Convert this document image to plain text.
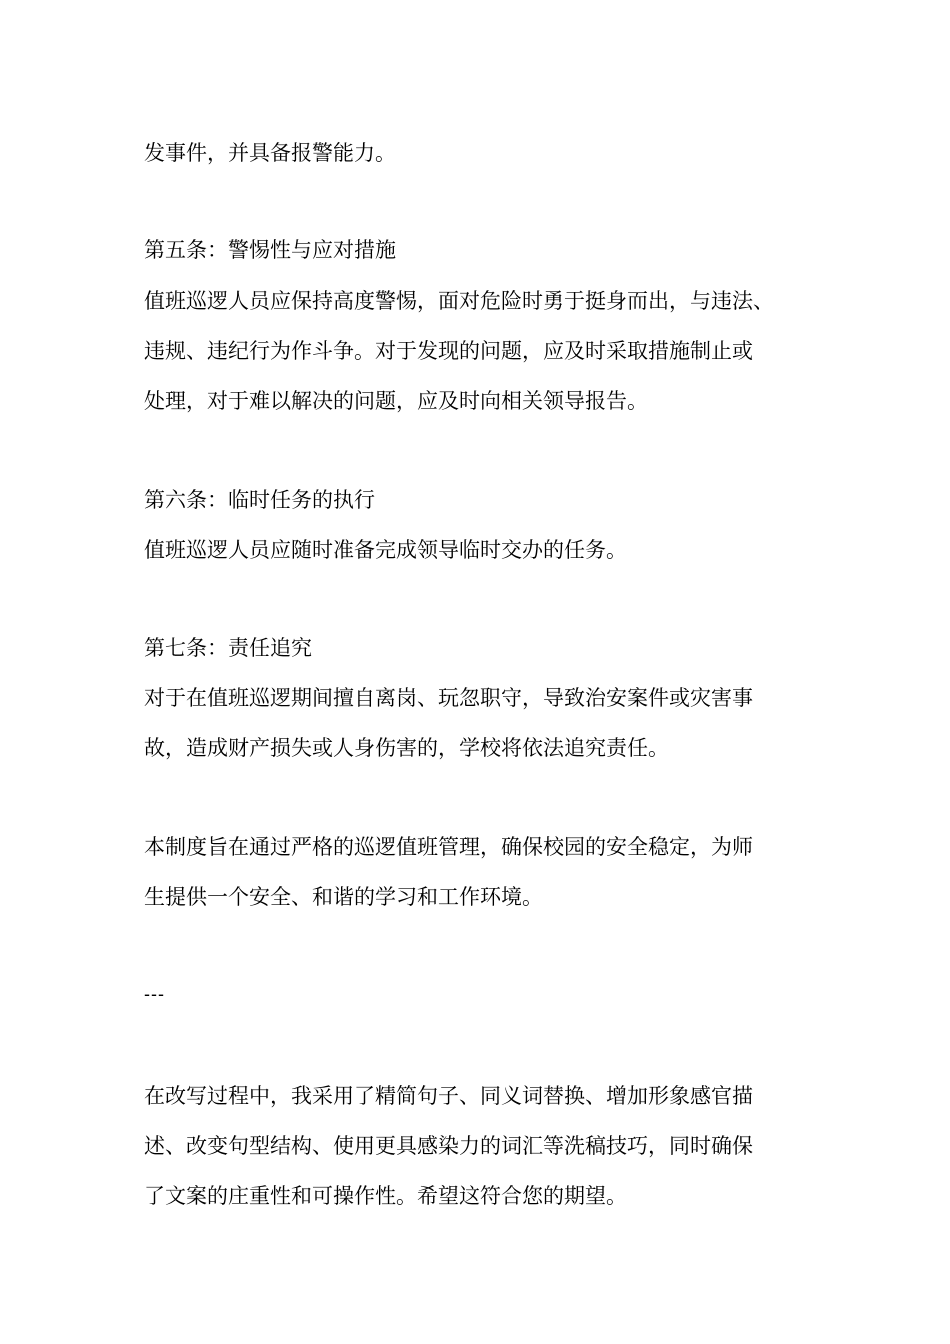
发事件，并具备报警能力。

第五条：警惕性与应对措施

值班巡逻人员应保持高度警惕，面对危险时勇于挺身而出，与违法、

违规、违纪行为作斗争。对于发现的问题，应及时采取措施制止或

处理，对于难以解决的问题，应及时向相关领导报告。

第六条：临时任务的执行

值班巡逻人员应随时准备完成领导临时交办的任务。

第七条：责任追究

对于在值班巡逻期间擅自离岗、玩忽职守，导致治安案件或灾害事

故，造成财产损失或人身伤害的，学校将依法追究责任。

本制度旨在通过严格的巡逻值班管理，确保校园的安全稳定，为师

生提供一个安全、和谐的学习和工作环境。

---

在改写过程中，我采用了精简句子、同义词替换、增加形象感官描

述、改变句型结构、使用更具感染力的词汇等洗稿技巧，同时确保

了文案的庄重性和可操作性。希望这符合您的期望。
